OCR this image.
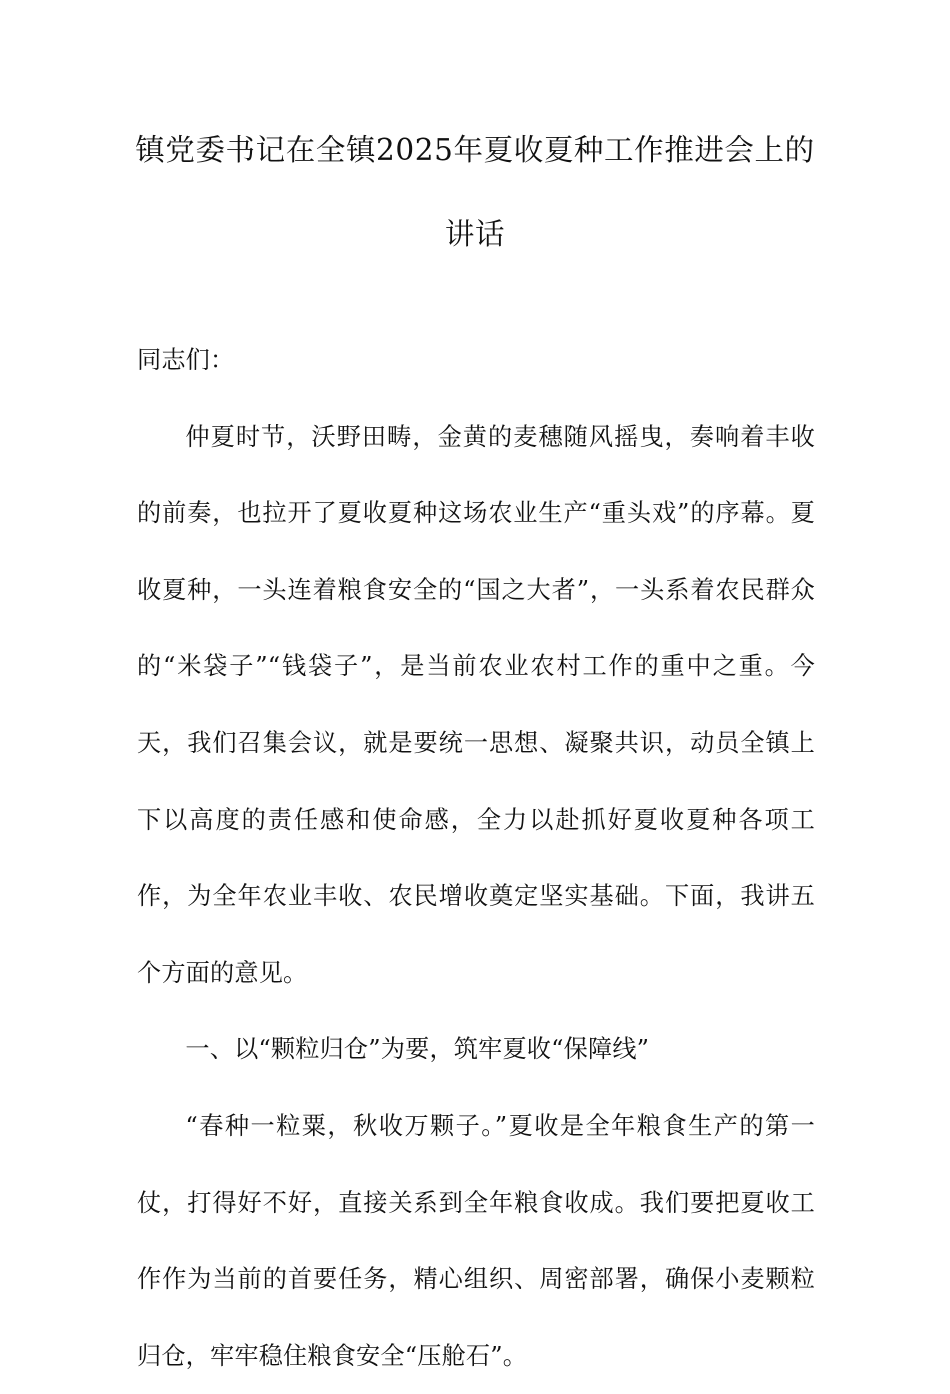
镇党委书记在全镇2025年夏收夏种工作推进会上的讲话

同志们：

仲夏时节，沃野田畴，金黄的麦穗随风摇曳，奏响着丰收的前奏，也拉开了夏收夏种这场农业生产“重头戏”的序幕。夏收夏种，一头连着粮食安全的“国之大者”，一头系着农民群众的“米袋子”“钱袋子”，是当前农业农村工作的重中之重。今天，我们召集会议，就是要统一思想、凝聚共识，动员全镇上下以高度的责任感和使命感，全力以赴抓好夏收夏种各项工作，为全年农业丰收、农民增收奠定坚实基础。下面，我讲五个方面的意见。

一、以“颗粒归仓”为要，筑牢夏收“保障线”

“春种一粒粟，秋收万颗子。”夏收是全年粮食生产的第一仗，打得好不好，直接关系到全年粮食收成。我们要把夏收工作作为当前的首要任务，精心组织、周密部署，确保小麦颗粒归仓，牢牢稳住粮食安全“压舱石”。
